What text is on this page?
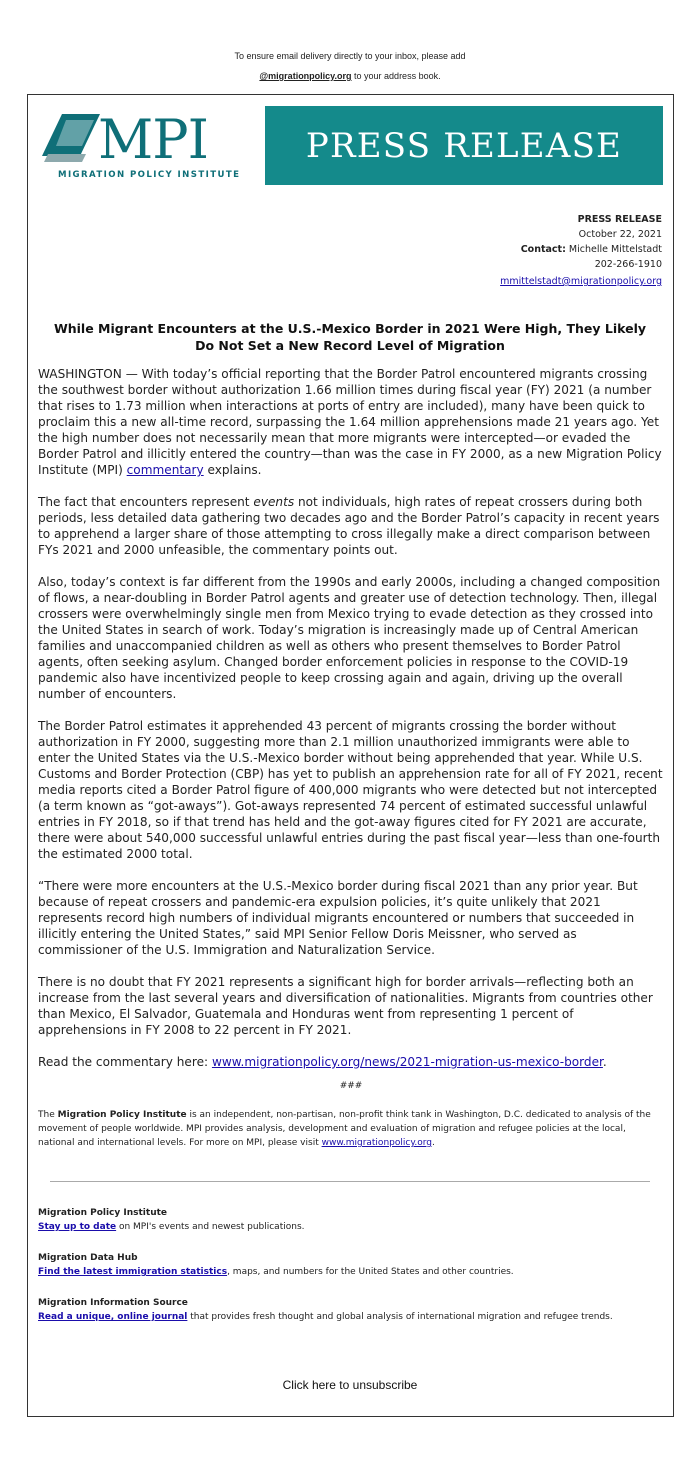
To ensure email delivery directly to your inbox, please add
@migrationpolicy.org to your address book.
MPI
MIGRATION POLICY INSTITUTE
PRESS RELEASE
PRESS RELEASE
October 22, 2021
Contact: Michelle Mittelstadt
202-266-1910
mmittelstadt@migrationpolicy.org
While Migrant Encounters at the U.S.-Mexico Border in 2021 Were High, They Likely
Do Not Set a New Record Level of Migration

WASHINGTON — With today’s official reporting that the Border Patrol encountered migrants crossing the southwest border without authorization 1.66 million times during fiscal year (FY) 2021 (a number that rises to 1.73 million when interactions at ports of entry are included), many have been quick to proclaim this a new all-time record, surpassing the 1.64 million apprehensions made 21 years ago. Yet the high number does not necessarily mean that more migrants were intercepted—or evaded the Border Patrol and illicitly entered the country—than was the case in FY 2000, as a new Migration Policy Institute (MPI) commentary explains.

The fact that encounters represent events not individuals, high rates of repeat crossers during both periods, less detailed data gathering two decades ago and the Border Patrol’s capacity in recent years to apprehend a larger share of those attempting to cross illegally make a direct comparison between FYs 2021 and 2000 unfeasible, the commentary points out.

Also, today’s context is far different from the 1990s and early 2000s, including a changed composition of flows, a near-doubling in Border Patrol agents and greater use of detection technology. Then, illegal crossers were overwhelmingly single men from Mexico trying to evade detection as they crossed into the United States in search of work. Today’s migration is increasingly made up of Central American families and unaccompanied children as well as others who present themselves to Border Patrol agents, often seeking asylum. Changed border enforcement policies in response to the COVID-19 pandemic also have incentivized people to keep crossing again and again, driving up the overall number of encounters.

The Border Patrol estimates it apprehended 43 percent of migrants crossing the border without authorization in FY 2000, suggesting more than 2.1 million unauthorized immigrants were able to enter the United States via the U.S.-Mexico border without being apprehended that year. While U.S. Customs and Border Protection (CBP) has yet to publish an apprehension rate for all of FY 2021, recent media reports cited a Border Patrol figure of 400,000 migrants who were detected but not intercepted (a term known as “got-aways”). Got-aways represented 74 percent of estimated successful unlawful entries in FY 2018, so if that trend has held and the got-away figures cited for FY 2021 are accurate, there were about 540,000 successful unlawful entries during the past fiscal year—less than one-fourth the estimated 2000 total.

“There were more encounters at the U.S.-Mexico border during fiscal 2021 than any prior year. But because of repeat crossers and pandemic-era expulsion policies, it’s quite unlikely that 2021 represents record high numbers of individual migrants encountered or numbers that succeeded in illicitly entering the United States,” said MPI Senior Fellow Doris Meissner, who served as commissioner of the U.S. Immigration and Naturalization Service.

There is no doubt that FY 2021 represents a significant high for border arrivals—reflecting both an increase from the last several years and diversification of nationalities. Migrants from countries other than Mexico, El Salvador, Guatemala and Honduras went from representing 1 percent of apprehensions in FY 2008 to 22 percent in FY 2021.

Read the commentary here: www.migrationpolicy.org/news/2021-migration-us-mexico-border.

###
The Migration Policy Institute is an independent, non-partisan, non-profit think tank in Washington, D.C. dedicated to analysis of the movement of people worldwide. MPI provides analysis, development and evaluation of migration and refugee policies at the local, national and international levels. For more on MPI, please visit www.migrationpolicy.org.
Migration Policy Institute
Stay up to date on MPI's events and newest publications.
Migration Data Hub
Find the latest immigration statistics, maps, and numbers for the United States and other countries.
Migration Information Source
Read a unique, online journal that provides fresh thought and global analysis of international migration and refugee trends.
Click here to unsubscribe
